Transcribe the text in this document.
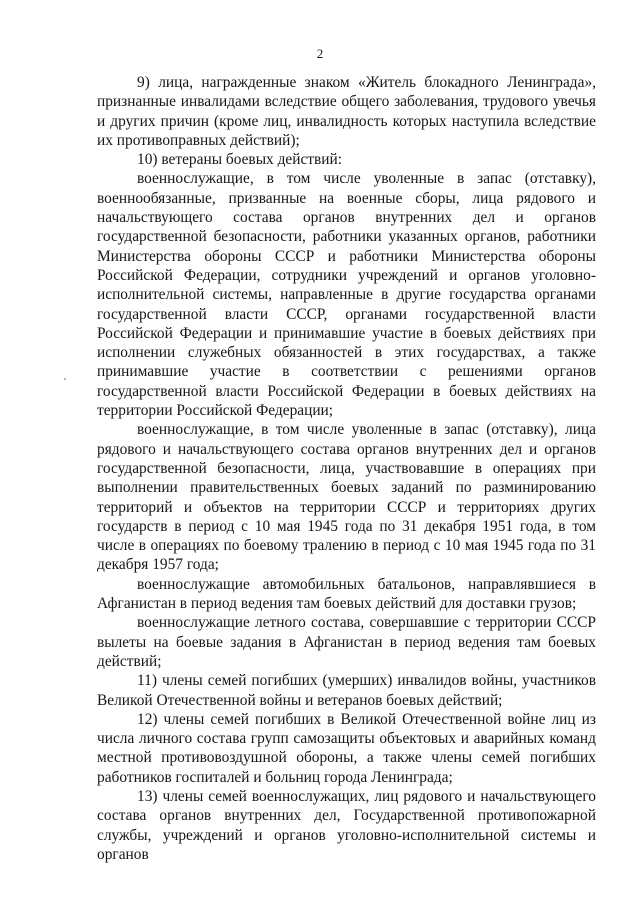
2

9) лица, награжденные знаком «Житель блокадного Ленинграда», признанные инвалидами вследствие общего заболевания, трудового увечья и других причин (кроме лиц, инвалидность которых наступила вследствие их противоправных действий);

10) ветераны боевых действий:

военнослужащие, в том числе уволенные в запас (отставку), военнообязанные, призванные на военные сборы, лица рядового и начальствующего состава органов внутренних дел и органов государственной безопасности, работники указанных органов, работники Министерства обороны СССР и работники Министерства обороны Российской Федерации, сотрудники учреждений и органов уголовно-исполнительной системы, направленные в другие государства органами государственной власти СССР, органами государственной власти Российской Федерации и принимавшие участие в боевых действиях при исполнении служебных обязанностей в этих государствах, а также принимавшие участие в соответствии с решениями органов государственной власти Российской Федерации в боевых действиях на территории Российской Федерации;

военнослужащие, в том числе уволенные в запас (отставку), лица рядового и начальствующего состава органов внутренних дел и органов государственной безопасности, лица, участвовавшие в операциях при выполнении правительственных боевых заданий по разминированию территорий и объектов на территории СССР и территориях других государств в период с 10 мая 1945 года по 31 декабря 1951 года, в том числе в операциях по боевому тралению в период с 10 мая 1945 года по 31 декабря 1957 года;

военнослужащие автомобильных батальонов, направлявшиеся в Афганистан в период ведения там боевых действий для доставки грузов;

военнослужащие летного состава, совершавшие с территории СССР вылеты на боевые задания в Афганистан в период ведения там боевых действий;

11) члены семей погибших (умерших) инвалидов войны, участников Великой Отечественной войны и ветеранов боевых действий;

12) члены семей погибших в Великой Отечественной войне лиц из числа личного состава групп самозащиты объектовых и аварийных команд местной противовоздушной обороны, а также члены семей погибших работников госпиталей и больниц города Ленинграда;

13) члены семей военнослужащих, лиц рядового и начальствующего состава органов внутренних дел, Государственной противопожарной службы, учреждений и органов уголовно-исполнительной системы и органов
